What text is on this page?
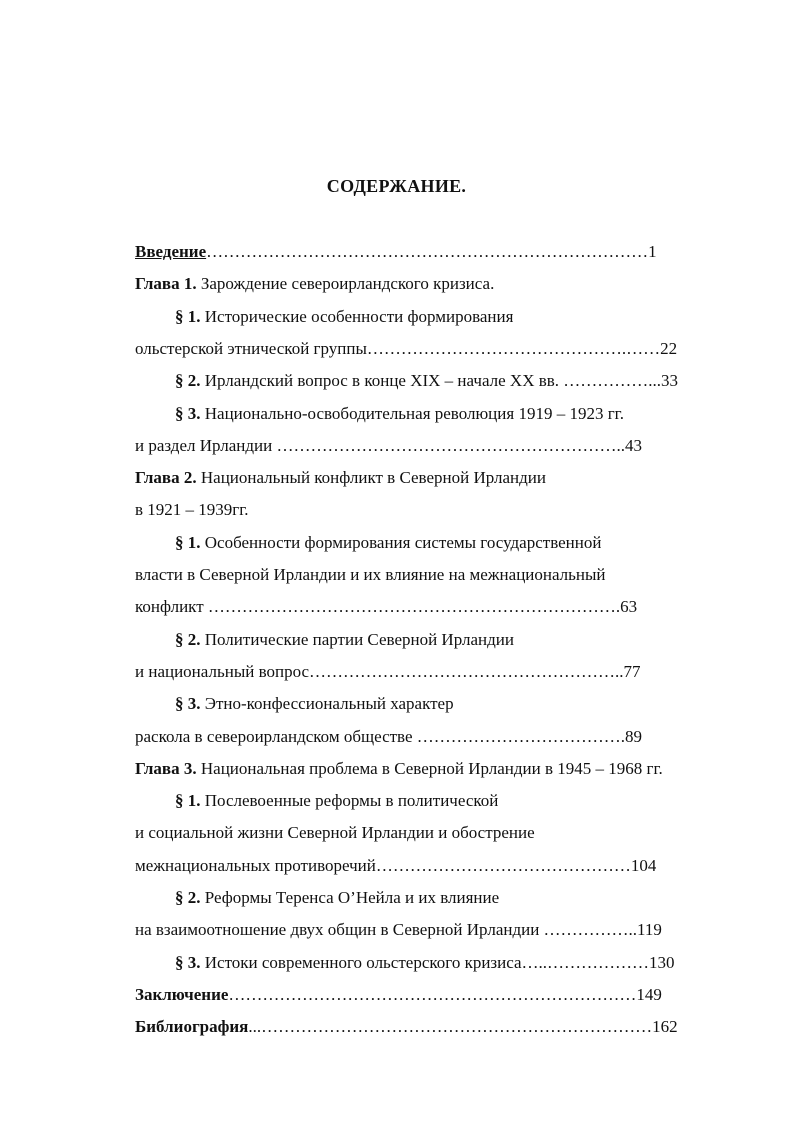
СОДЕРЖАНИЕ.
Введение……………………………………………………………………1
Глава 1. Зарождение североирландского кризиса.
§ 1. Исторические особенности формирования
ольстерской этнической группы……………………………………….……22
§ 2. Ирландский вопрос в конце XIX – начале XX вв. ……………...33
§ 3. Национально-освободительная революция 1919 – 1923 гг.
и раздел Ирландии ……………………………………………………..43
Глава 2. Национальный конфликт в Северной Ирландии
в 1921 – 1939гг.
§ 1. Особенности формирования системы государственной
власти в Северной Ирландии и их влияние на межнациональный
конфликт ……………………………………………………………….63
§ 2. Политические партии Северной Ирландии
и национальный вопрос………………………………………………..77
§ 3. Этно-конфессиональный характер
раскола в североирландском обществе ……………………………….89
Глава 3. Национальная проблема в Северной Ирландии в 1945 – 1968 гг.
§ 1. Послевоенные реформы в политической
и социальной жизни Северной Ирландии и обострение
межнациональных противоречий………………………………………104
§ 2. Реформы Теренса О’Нейла и их влияние
на взаимоотношение двух общин в Северной Ирландии ……………..119
§ 3. Истоки современного ольстерского кризиса…..………………130
Заключение………………………………………………………………149
Библиография...……………………………………………………………162
